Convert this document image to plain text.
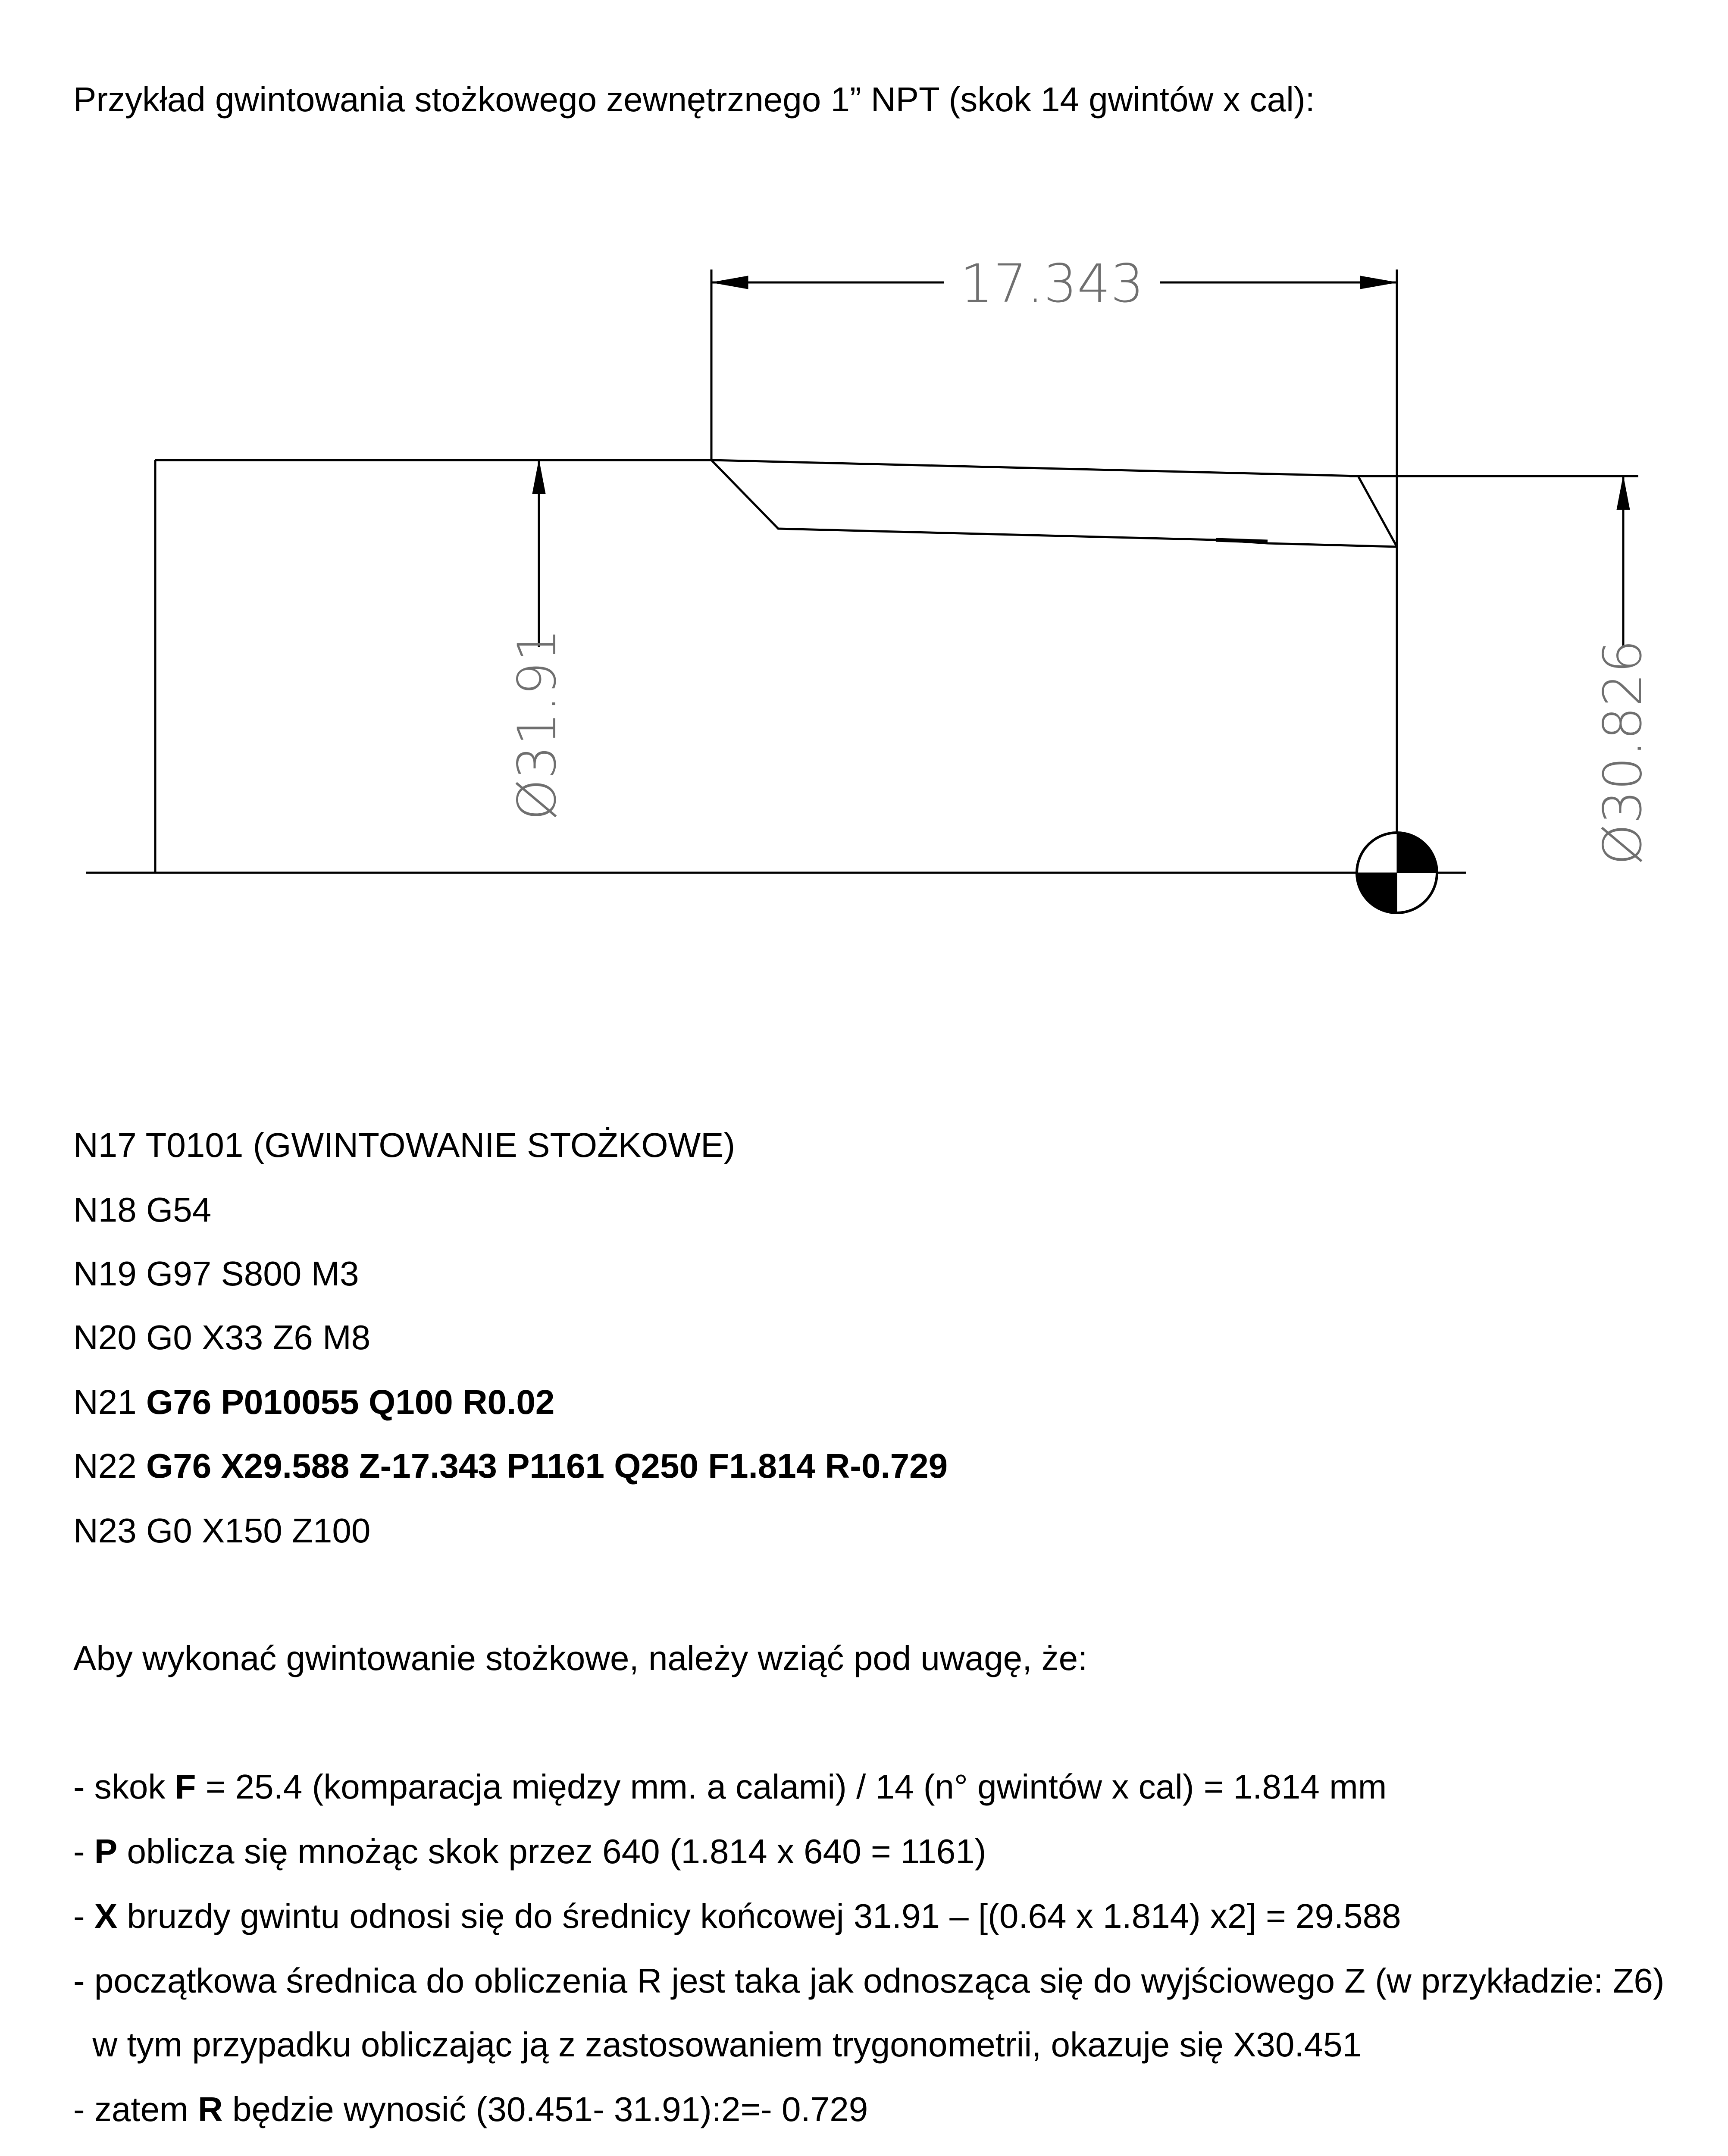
Przykład gwintowania stożkowego zewnętrznego 1” NPT (skok 14 gwintów x cal):
17.343
Ø31.91	Ø30.826
N17 T0101 (GWINTOWANIE STOŻKOWE)
N18 G54
N19 G97 S800 M3
N20 G0 X33 Z6 M8
N21 G76 P010055 Q100 R0.02
N22 G76 X29.588 Z-17.343 P1161 Q250 F1.814 R-0.729
N23 G0 X150 Z100
Aby wykonać gwintowanie stożkowe, należy wziąć pod uwagę, że:
- skok F = 25.4 (komparacja między mm. a calami) / 14 (n° gwintów x cal) = 1.814 mm
- P oblicza się mnożąc skok przez 640 (1.814 x 640 = 1161)
- X bruzdy gwintu odnosi się do średnicy końcowej 31.91 – [(0.64 x 1.814) x2] = 29.588
- początkowa średnica do obliczenia R jest taka jak odnosząca się do wyjściowego Z (w przykładzie: Z6)
w tym przypadku obliczając ją z zastosowaniem trygonometrii, okazuje się X30.451
- zatem R będzie wynosić (30.451- 31.91):2=- 0.729
